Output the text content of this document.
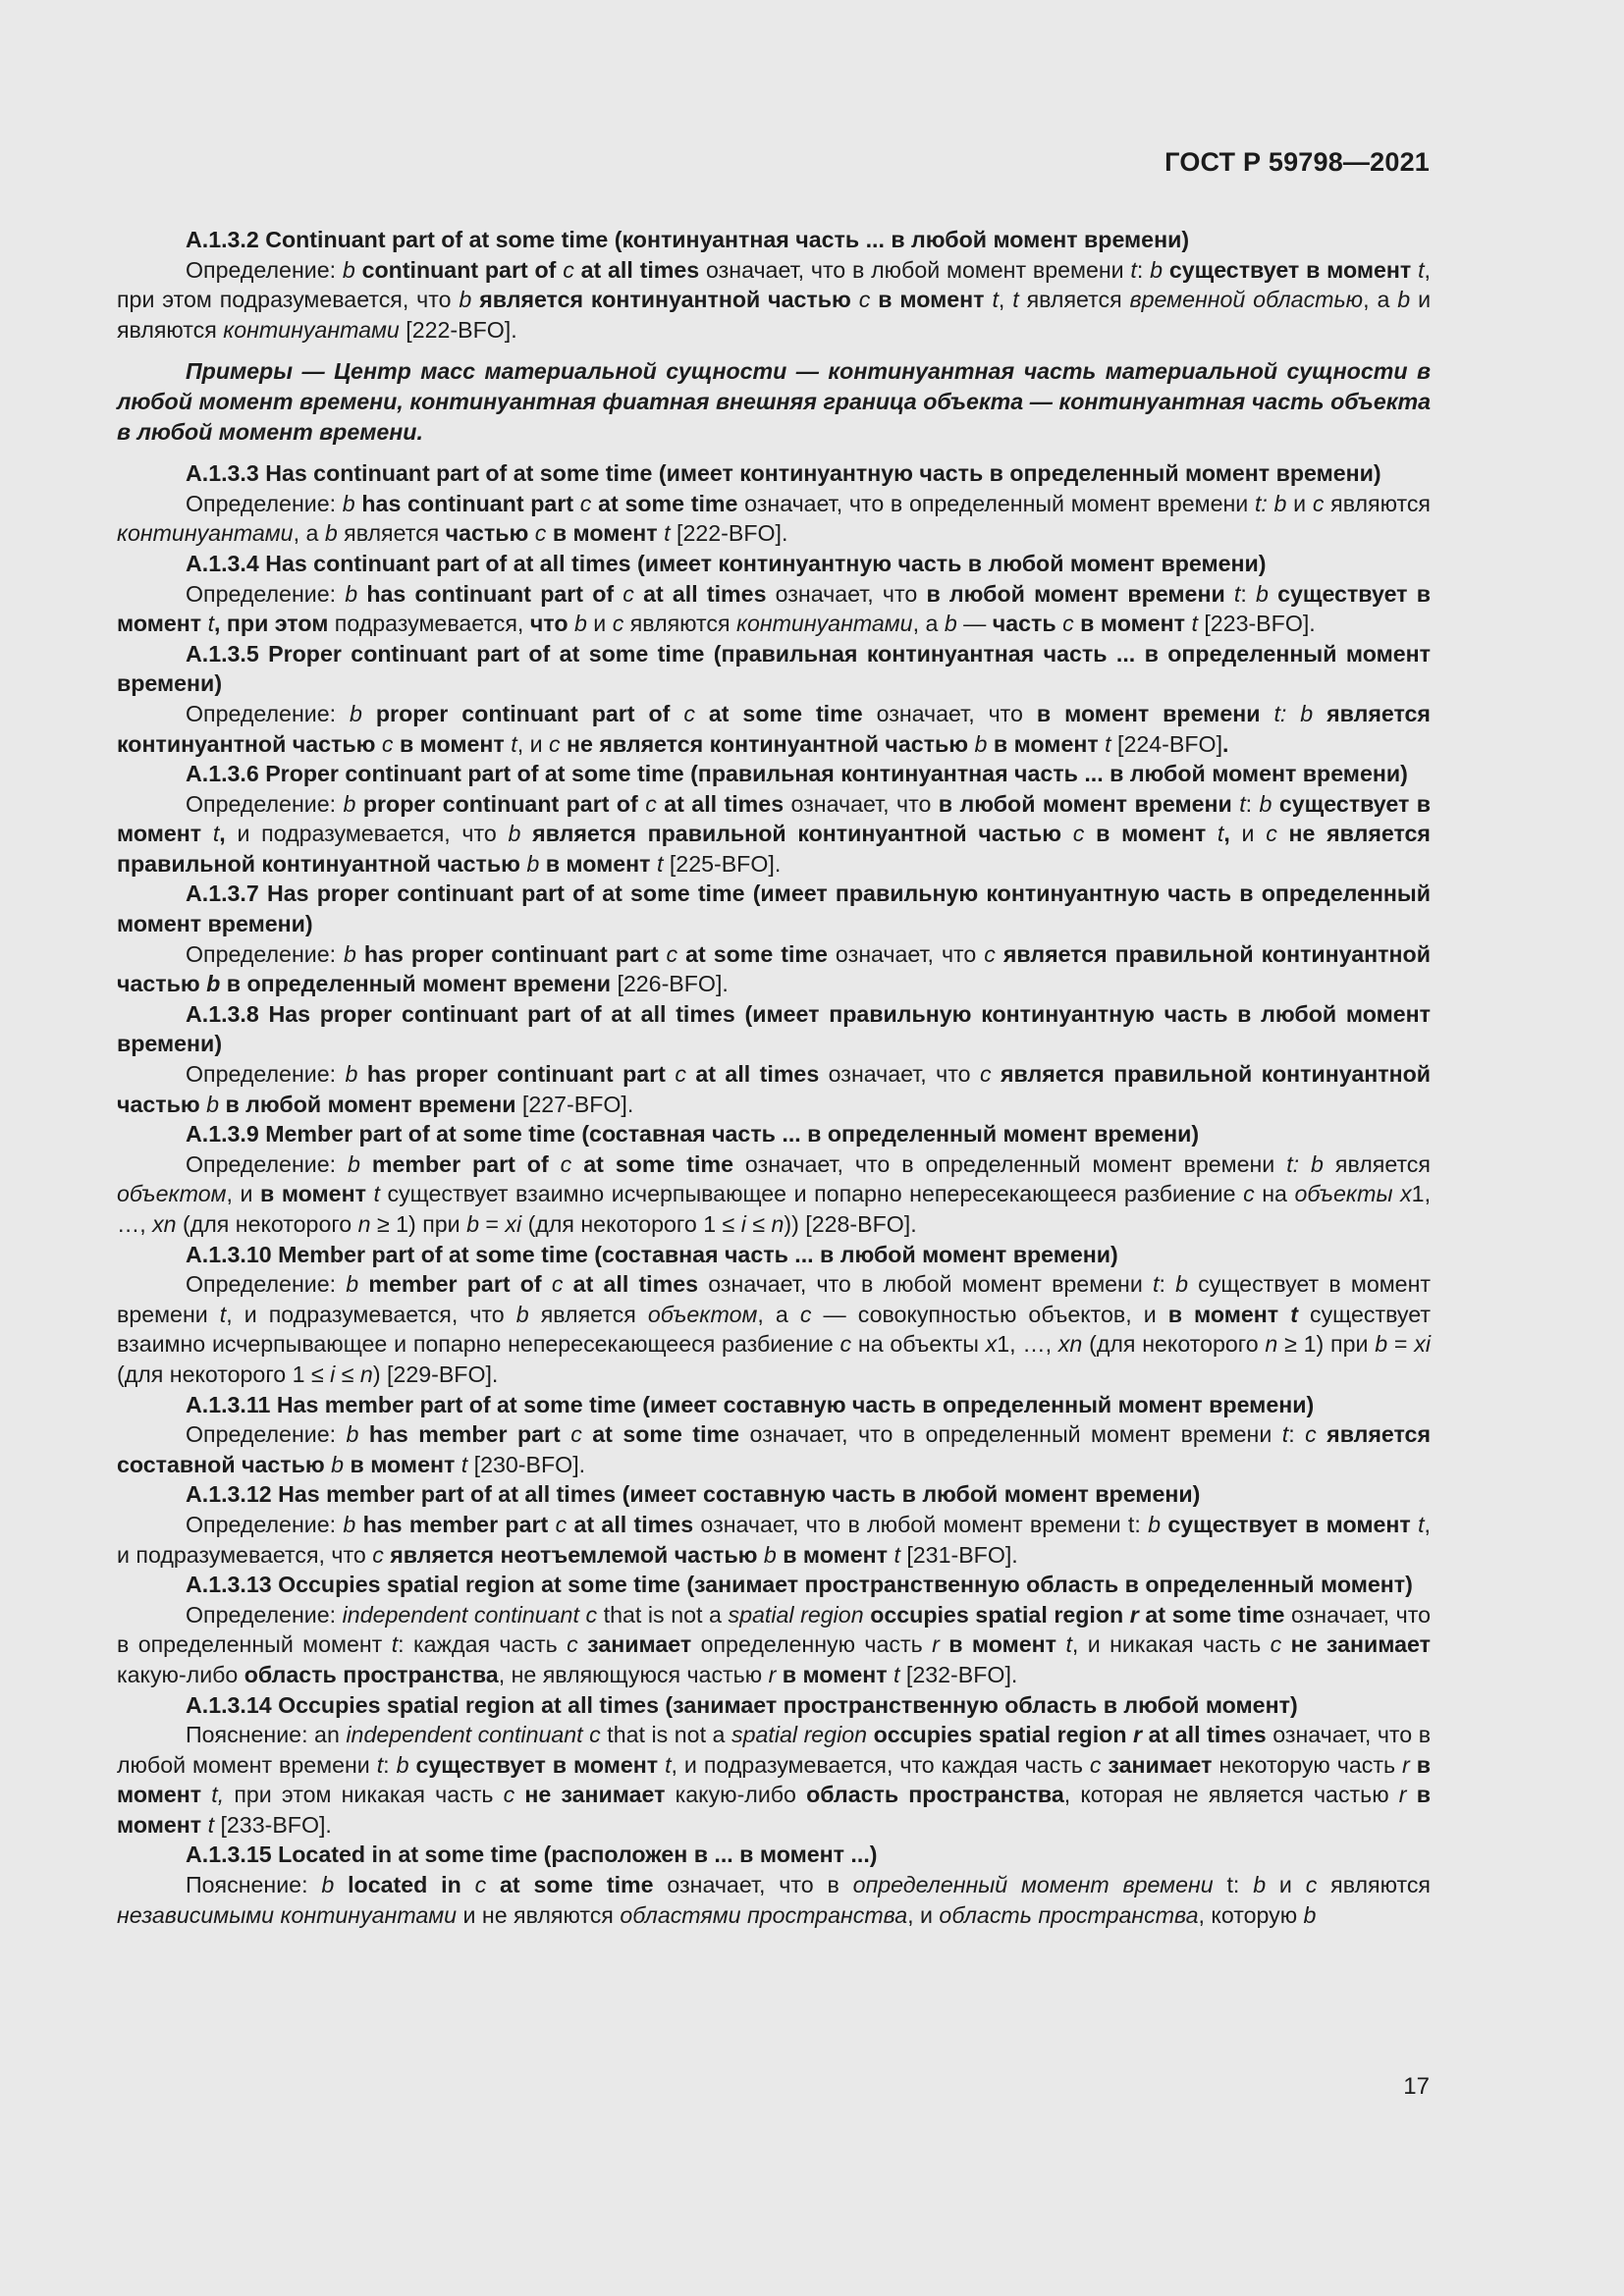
ГОСТ Р 59798—2021

А.1.3.2 Continuant part of at some time (континуантная часть ... в любой момент времени)

Определение: b continuant part of c at all times означает, что в любой момент времени t: b существует в момент t, при этом подразумевается, что b является континуантной частью c в момент t, t является временной областью, а b и являются континуантами [222-BFO].

Примеры — Центр масс материальной сущности — континуантная часть материальной сущности в любой момент времени, континуантная фиатная внешняя граница объекта — континуантная часть объекта в любой момент времени.

А.1.3.3 Has continuant part of at some time (имеет континуантную часть в определенный момент времени)

Определение: b has continuant part c at some time означает, что в определенный момент времени t: b и c являются континуантами, а b является частью c в момент t [222-BFO].

А.1.3.4 Has continuant part of at all times (имеет континуантную часть в любой момент времени)

Определение: b has continuant part of c at all times означает, что в любой момент времени t: b существует в момент t, при этом подразумевается, что b и c являются континуантами, а b — часть c в момент t [223-BFO].

А.1.3.5 Proper continuant part of at some time (правильная континуантная часть ... в определенный момент времени)

Определение: b proper continuant part of c at some time означает, что в момент времени t: b является континуантной частью c в момент t, и c не является континуантной частью b в момент t [224-BFO].

А.1.3.6 Proper continuant part of at some time (правильная континуантная часть ... в любой момент времени)

Определение: b proper continuant part of c at all times означает, что в любой момент времени t: b существует в момент t, и подразумевается, что b является правильной континуантной частью c в момент t, и c не является правильной континуантной частью b в момент t [225-BFO].

А.1.3.7 Has proper continuant part of at some time (имеет правильную континуантную часть в определенный момент времени)

Определение: b has proper continuant part c at some time означает, что c является правильной континуантной частью b в определенный момент времени [226-BFO].

А.1.3.8 Has proper continuant part of at all times (имеет правильную континуантную часть в любой момент времени)

Определение: b has proper continuant part c at all times означает, что c является правильной континуантной частью b в любой момент времени [227-BFO].

А.1.3.9 Member part of at some time (составная часть ... в определенный момент времени)

Определение: b member part of c at some time означает, что в определенный момент времени t: b является объектом, и в момент t существует взаимно исчерпывающее и попарно непересекающееся разбиение c на объекты x1, …, xn (для некоторого n ≥ 1) при b = xi (для некоторого 1 ≤ i ≤ n)) [228-BFO].

А.1.3.10 Member part of at some time (составная часть ... в любой момент времени)

Определение: b member part of c at all times означает, что в любой момент времени t: b существует в момент времени t, и подразумевается, что b является объектом, а c — совокупностью объектов, и в момент t существует взаимно исчерпывающее и попарно непересекающееся разбиение c на объекты x1, …, xn (для некоторого n ≥ 1) при b = xi (для некоторого 1 ≤ i ≤ n) [229-BFO].

А.1.3.11 Has member part of at some time (имеет составную часть в определенный момент времени)

Определение: b has member part c at some time означает, что в определенный момент времени t: c является составной частью b в момент t [230-BFO].

А.1.3.12 Has member part of at all times (имеет составную часть в любой момент времени)

Определение: b has member part c at all times означает, что в любой момент времени t: b существует в момент t, и подразумевается, что c является неотъемлемой частью b в момент t [231-BFO].

А.1.3.13 Occupies spatial region at some time (занимает пространственную область в определенный момент)

Определение: independent continuant c that is not a spatial region occupies spatial region r at some time означает, что в определенный момент t: каждая часть c занимает определенную часть r в момент t, и никакая часть c не занимает какую-либо область пространства, не являющуюся частью r в момент t [232-BFO].

А.1.3.14 Occupies spatial region at all times (занимает пространственную область в любой момент)

Пояснение: an independent continuant c that is not a spatial region occupies spatial region r at all times означает, что в любой момент времени t: b существует в момент t, и подразумевается, что каждая часть c занимает некоторую часть r в момент t, при этом никакая часть c не занимает какую-либо область пространства, которая не является частью r в момент t [233-BFO].

А.1.3.15 Located in at some time (расположен в ... в момент ...)

Пояснение: b located in c at some time означает, что в определенный момент времени t: b и c являются независимыми континуантами и не являются областями пространства, и область пространства, которую b

17
